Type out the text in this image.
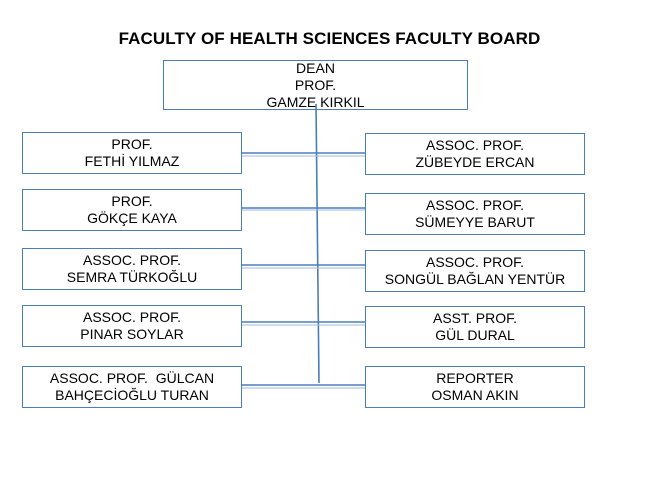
FACULTY OF HEALTH SCIENCES FACULTY BOARD
DEAN
PROF.
GAMZE KIRKIL
PROF.
FETHİ YILMAZ
PROF.
GÖKÇE KAYA
ASSOC. PROF.
SEMRA TÜRKOĞLU
ASSOC. PROF.
PINAR SOYLAR
ASSOC. PROF.  GÜLCAN
BAHÇECİOĞLU TURAN
ASSOC. PROF.
ZÜBEYDE ERCAN
ASSOC. PROF.
SÜMEYYE BARUT
ASSOC. PROF.
SONGÜL BAĞLAN YENTÜR
ASST. PROF.
GÜL DURAL
REPORTER
OSMAN AKIN
